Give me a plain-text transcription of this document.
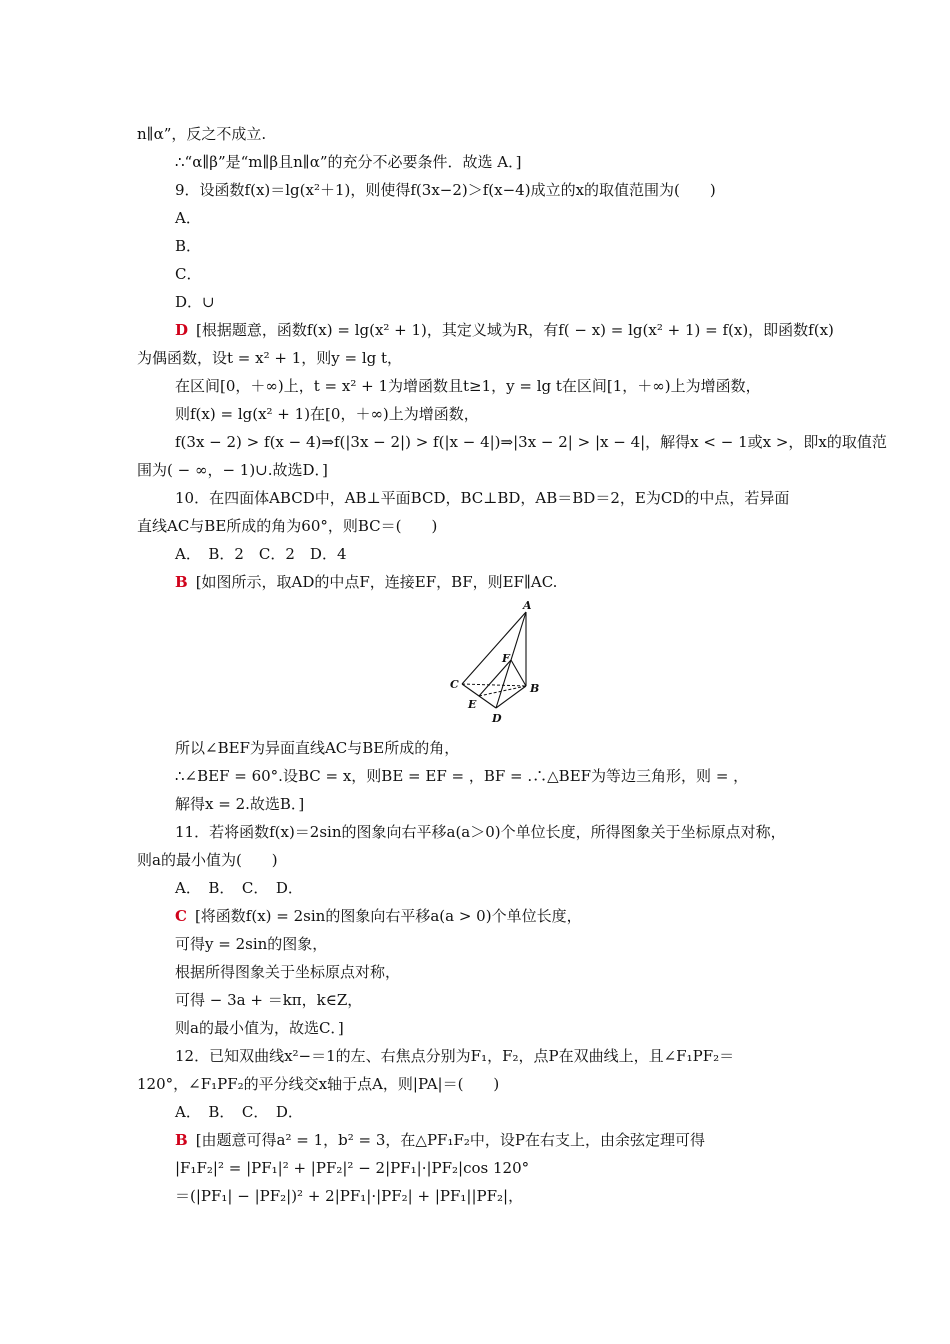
n∥α”，反之不成立.
∴“α∥β”是“m∥β且n∥α”的充分不必要条件．故选 A．]
9．设函数f(x)＝lg(x²＋1)，则使得f(3x−2)＞f(x−4)成立的x的取值范围为(　　)
A．
B．
C．
D．∪
D [根据题意，函数f(x) = lg(x² + 1)，其定义域为R，有f( − x) = lg(x² + 1) = f(x)，即函数f(x)
为偶函数，设t = x² + 1，则y = lg t，
在区间[0，＋∞)上，t = x² + 1为增函数且t≥1，y = lg t在区间[1，＋∞)上为增函数，
则f(x) = lg(x² + 1)在[0，＋∞)上为增函数，
f(3x − 2) > f(x − 4)⇒f(|3x − 2|) > f(|x − 4|)⇒|3x − 2| > |x − 4|，解得x < − 1或x >，即x的取值范
围为( − ∞，− 1)∪.故选D．]
10．在四面体ABCD中，AB⊥平面BCD，BC⊥BD，AB＝BD＝2，E为CD的中点，若异面
直线AC与BE所成的角为60°，则BC＝(　　)
A．　B．2　C．2　D．4
B [如图所示，取AD的中点F，连接EF，BF，则EF∥AC.
A
B
C
D
E
F
所以∠BEF为异面直线AC与BE所成的角，
∴∠BEF = 60°.设BC = x，则BE = EF = ，BF = .∴△BEF为等边三角形，则 = ，
解得x = 2.故选B．]
11．若将函数f(x)＝2sin的图象向右平移a(a＞0)个单位长度，所得图象关于坐标原点对称，
则a的最小值为(　　)
A．　B．　C．　D．
C [将函数f(x) = 2sin的图象向右平移a(a > 0)个单位长度，
可得y = 2sin的图象，
根据所得图象关于坐标原点对称，
可得 − 3a + ＝kπ，k∈Z，
则a的最小值为，故选C．]
12．已知双曲线x²−＝1的左、右焦点分别为F₁，F₂，点P在双曲线上，且∠F₁PF₂＝
120°，∠F₁PF₂的平分线交x轴于点A，则|PA|＝(　　)
A．　B．　C．　D．
B [由题意可得a² = 1，b² = 3，在△PF₁F₂中，设P在右支上，由余弦定理可得
|F₁F₂|² = |PF₁|² + |PF₂|² − 2|PF₁|·|PF₂|cos 120°
＝(|PF₁| − |PF₂|)² + 2|PF₁|·|PF₂| + |PF₁||PF₂|，
